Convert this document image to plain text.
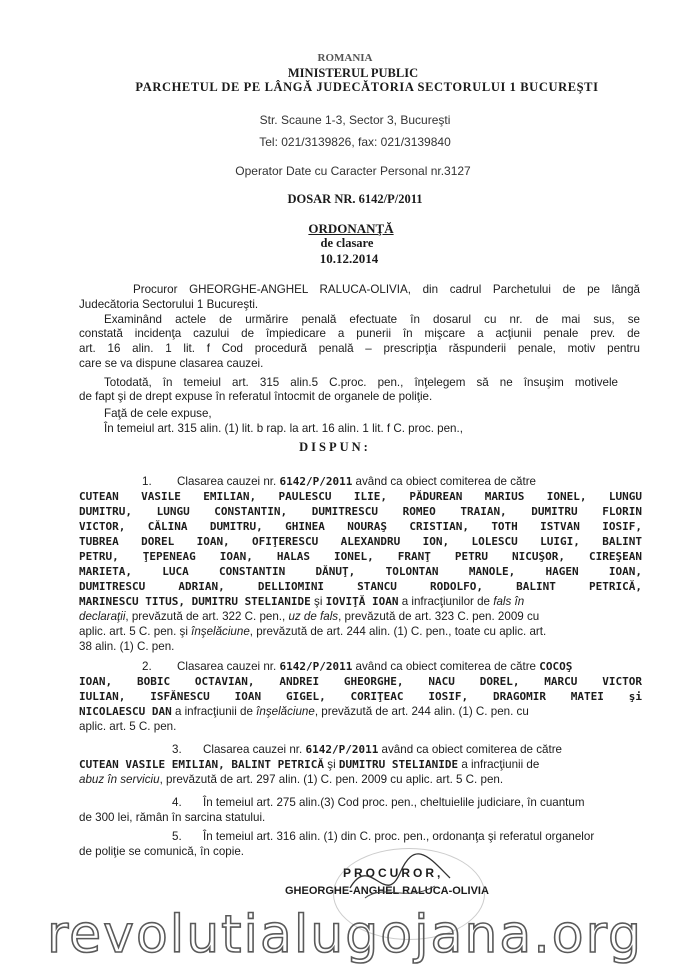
ROMANIA
MINISTERUL PUBLIC
PARCHETUL DE PE LÂNGĂ JUDECĂTORIA SECTORULUI 1 BUCUREŞTI
Str. Scaune 1-3, Sector 3, Bucureşti
Tel: 021/3139826, fax: 021/3139840
Operator Date cu Caracter Personal nr.3127
DOSAR NR. 6142/P/2011
ORDONANŢĂ
de clasare
10.12.2014
Procuror GHEORGHE-ANGHEL RALUCA-OLIVIA, din cadrul Parchetului de pe lângă
Judecătoria Sectorului 1 Bucureşti.
Examinând actele de urmărire penală efectuate în dosarul cu nr. de mai sus, se
constată incidenţa cazului de împiedicare a punerii în mişcare a acţiunii penale prev. de
art. 16 alin. 1 lit. f Cod procedură penală – prescripţia răspunderii penale, motiv pentru
care se va dispune clasarea cauzei.
Totodată, în temeiul art. 315 alin.5 C.proc. pen., înţelegem să ne însuşim motivele
de fapt şi de drept expuse în referatul întocmit de organele de poliţie.
Faţă de cele expuse,
În temeiul art. 315 alin. (1) lit. b rap. la art. 16 alin. 1 lit. f C. proc. pen.,
DISPUN:
1. Clasarea cauzei nr. 6142/P/2011 având ca obiect comiterea de către
CUTEAN VASILE EMILIAN, PAULESCU ILIE, PĂDUREAN MARIUS IONEL, LUNGU
DUMITRU, LUNGU CONSTANTIN, DUMITRESCU ROMEO TRAIAN, DUMITRU FLORIN
VICTOR, CĂLINA DUMITRU, GHINEA NOURAŞ CRISTIAN, TOTH ISTVAN IOSIF,
TUBREA DOREL IOAN, OFIŢERESCU ALEXANDRU ION, LOLESCU LUIGI, BALINT
PETRU, ŢEPENEAG IOAN, HALAS IONEL, FRANŢ PETRU NICUŞOR, CIREŞEAN
MARIETA, LUCA CONSTANTIN DĂNUŢ, TOLONTAN MANOLE, HAGEN IOAN,
DUMITRESCU ADRIAN, DELLIOMINI STANCU RODOLFO, BALINT PETRICĂ,
MARINESCU TITUS, DUMITRU STELIANIDE şi IOVIŢĂ IOAN a infracţiunilor de fals în
declaraţii, prevăzută de art. 322 C. pen., uz de fals, prevăzută de art. 323 C. pen. 2009 cu
aplic. art. 5 C. pen. şi înşelăciune, prevăzută de art. 244 alin. (1) C. pen., toate cu aplic. art.
38 alin. (1) C. pen.
2. Clasarea cauzei nr. 6142/P/2011 având ca obiect comiterea de către COCOŞ
IOAN, BOBIC OCTAVIAN, ANDREI GHEORGHE, NACU DOREL, MARCU VICTOR
IULIAN, ISFĂNESCU IOAN GIGEL, CORIŢEAC IOSIF, DRAGOMIR MATEI şi
NICOLAESCU DAN a infracţiunii de înşelăciune, prevăzută de art. 244 alin. (1) C. pen. cu
aplic. art. 5 C. pen.
3. Clasarea cauzei nr. 6142/P/2011 având ca obiect comiterea de către
CUTEAN VASILE EMILIAN, BALINT PETRICĂ şi DUMITRU STELIANIDE a infracţiunii de
abuz în serviciu, prevăzută de art. 297 alin. (1) C. pen. 2009 cu aplic. art. 5 C. pen.
4. În temeiul art. 275 alin.(3) Cod proc. pen., cheltuielile judiciare, în cuantum
de 300 lei, rămân în sarcina statului.
5. În temeiul art. 316 alin. (1) din C. proc. pen., ordonanţa şi referatul organelor
de poliţie se comunică, în copie.
PROCUROR,
GHEORGHE-ANGHEL RALUCA-OLIVIA
revolutialugojana.org
